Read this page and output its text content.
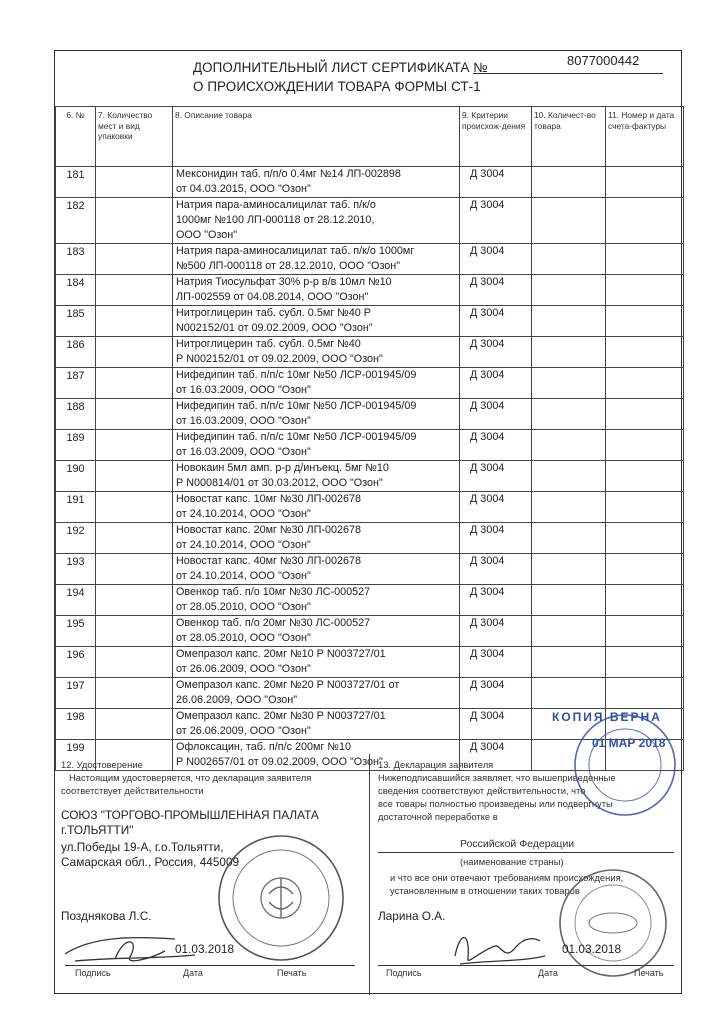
ДОПОЛНИТЕЛЬНЫЙ ЛИСТ СЕРТИФИКАТА №
О ПРОИСХОЖДЕНИИ ТОВАРА ФОРМЫ СТ-1
8077000442
6. №	7. Количество мест и вид упаковки	8. Описание товара	9. Критерии происхож-дения	10. Количест-во товара	11. Номер и дата счета-фактуры
181		Мексонидин таб. п/п/о 0.4мг №14 ЛП-002898
от 04.03.2015, ООО "Озон"	Д 3004		
182		Натрия пара-аминосалицилат таб. п/к/о
1000мг №100 ЛП-000118 от 28.12.2010,
ООО "Озон"	Д 3004		
183		Натрия пара-аминосалицилат таб. п/к/о 1000мг
№500 ЛП-000118 от 28.12.2010, ООО "Озон"	Д 3004		
184		Натрия Тиосульфат 30% р-р в/в 10мл №10
ЛП-002559 от 04.08.2014, ООО "Озон"	Д 3004		
185		Нитроглицерин таб. субл. 0.5мг №40 Р
N002152/01 от 09.02.2009, ООО "Озон"	Д 3004		
186		Нитроглицерин таб. субл. 0.5мг №40
Р N002152/01 от 09.02.2009, ООО "Озон"	Д 3004		
187		Нифедипин таб. п/п/с 10мг №50 ЛСР-001945/09
от 16.03.2009, ООО "Озон"	Д 3004		
188		Нифедипин таб. п/п/с 10мг №50 ЛСР-001945/09
от 16.03.2009, ООО "Озон"	Д 3004		
189		Нифедипин таб. п/п/с 10мг №50 ЛСР-001945/09
от 16.03.2009, ООО "Озон"	Д 3004		
190		Новокаин 5мл амп. р-р д/инъекц. 5мг №10
Р N000814/01 от 30.03.2012, ООО "Озон"	Д 3004		
191		Новостат капс. 10мг №30 ЛП-002678
от 24.10.2014, ООО "Озон"	Д 3004		
192		Новостат капс. 20мг №30 ЛП-002678
от 24.10.2014, ООО "Озон"	Д 3004		
193		Новостат капс. 40мг №30 ЛП-002678
от 24.10.2014, ООО "Озон"	Д 3004		
194		Овенкор таб. п/о 10мг №30 ЛС-000527
от 28.05.2010, ООО "Озон"	Д 3004		
195		Овенкор таб. п/о 20мг №30 ЛС-000527
от 28.05.2010, ООО "Озон"	Д 3004		
196		Омепразол капс. 20мг №10 Р N003727/01
от 26.06.2009, ООО "Озон"	Д 3004		
197		Омепразол капс. 20мг №20 Р N003727/01 от
26.06.2009, ООО "Озон"	Д 3004		
198		Омепразол капс. 20мг №30 Р N003727/01
от 26.06.2009, ООО "Озон"	Д 3004		
199		Офлоксацин, таб. п/п/с 200мг №10
Р N002657/01 от 09.02.2009, ООО "Озон"	Д 3004		
12. Удостоверение
Настоящим удостоверяется, что декларация заявителя
соответствует действительности
СОЮЗ "ТОРГОВО-ПРОМЫШЛЕННАЯ ПАЛАТА
г.ТОЛЬЯТТИ"
ул.Победы 19-А, г.о.Тольятти,
Самарская обл., Россия, 445009
Позднякова Л.С.
01.03.2018
Подпись	Дата	Печать
13. Декларация заявителя
Нижеподписавшийся заявляет, что вышеприведенные
сведения соответствуют действительности, что
все товары полностью произведены или подвергнуты
достаточной переработке в
Российской Федерации
(наименование страны)
и что все они отвечают требованиям происхождения,
установленным в отношении таких товаров
Ларина О.А.
01.03.2018
Подпись	Дата	Печать
КОПИЯ ВЕРНА
01 МАР 2018
